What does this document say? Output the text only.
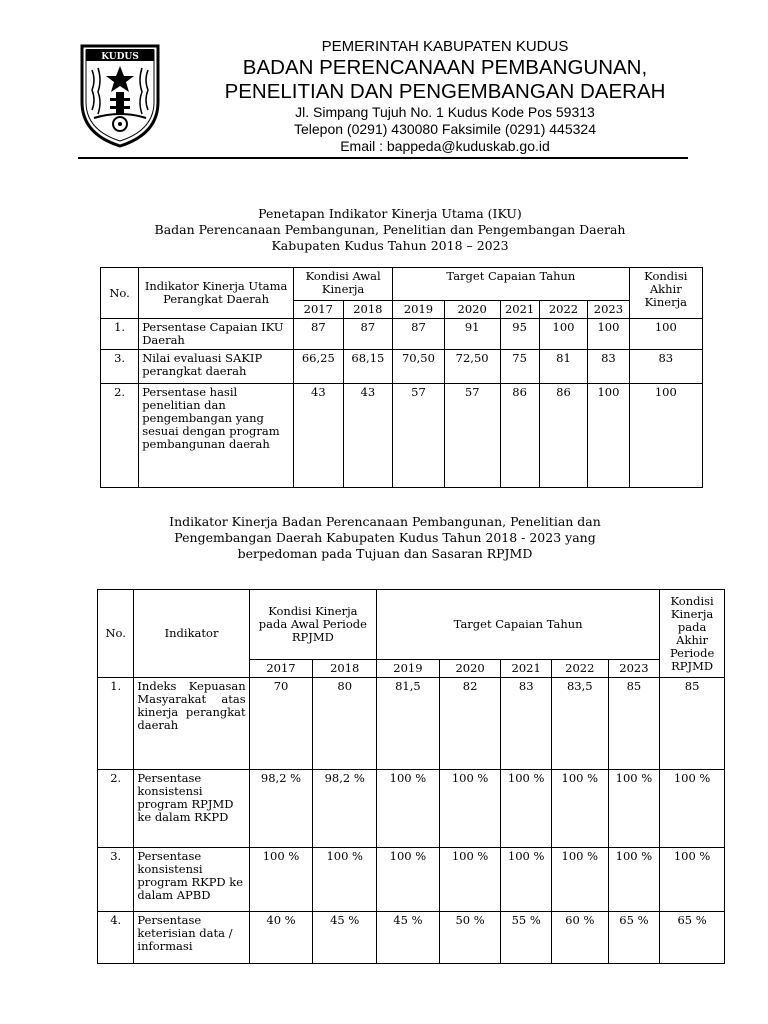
KUDUS
PEMERINTAH KABUPATEN KUDUS
BADAN PERENCANAAN PEMBANGUNAN,
PENELITIAN DAN PENGEMBANGAN DAERAH
Jl. Simpang Tujuh No. 1 Kudus Kode Pos 59313
Telepon (0291) 430080 Faksimile (0291) 445324
Email : bappeda@kuduskab.go.id
Penetapan Indikator Kinerja Utama (IKU)
Badan Perencanaan Pembangunan, Penelitian dan Pengembangan Daerah
Kabupaten Kudus Tahun 2018 – 2023
No.	Indikator Kinerja Utama Perangkat Daerah	Kondisi Awal Kinerja		Target Capaian Tahun					Kondisi Akhir Kinerja
		2017	2018	2019	2020	2021	2022	2023	
1.	Persentase Capaian IKU Daerah	87	87	87	91	95	100	100	100
3.	Nilai evaluasi SAKIP perangkat daerah	66,25	68,15	70,50	72,50	75	81	83	83
2.	Persentase hasil penelitian dan pengembangan yang sesuai dengan program pembangunan daerah	43	43	57	57	86	86	100	100
Indikator Kinerja Badan Perencanaan Pembangunan, Penelitian dan
Pengembangan Daerah Kabupaten Kudus Tahun 2018 - 2023 yang
berpedoman pada Tujuan dan Sasaran RPJMD
No.	Indikator	Kondisi Kinerja pada Awal Periode RPJMD		Target Capaian Tahun					Kondisi Kinerja pada Akhir Periode RPJMD
		2017	2018	2019	2020	2021	2022	2023	
1.	Indeks Kepuasan Masyarakat atas kinerja perangkat daerah	70	80	81,5	82	83	83,5	85	85
2.	Persentase konsistensi program RPJMD ke dalam RKPD	98,2 %	98,2 %	100 %	100 %	100 %	100 %	100 %	100 %
3.	Persentase konsistensi program RKPD ke dalam APBD	100 %	100 %	100 %	100 %	100 %	100 %	100 %	100 %
4.	Persentase keterisian data / informasi	40 %	45 %	45 %	50 %	55 %	60 %	65 %	65 %
